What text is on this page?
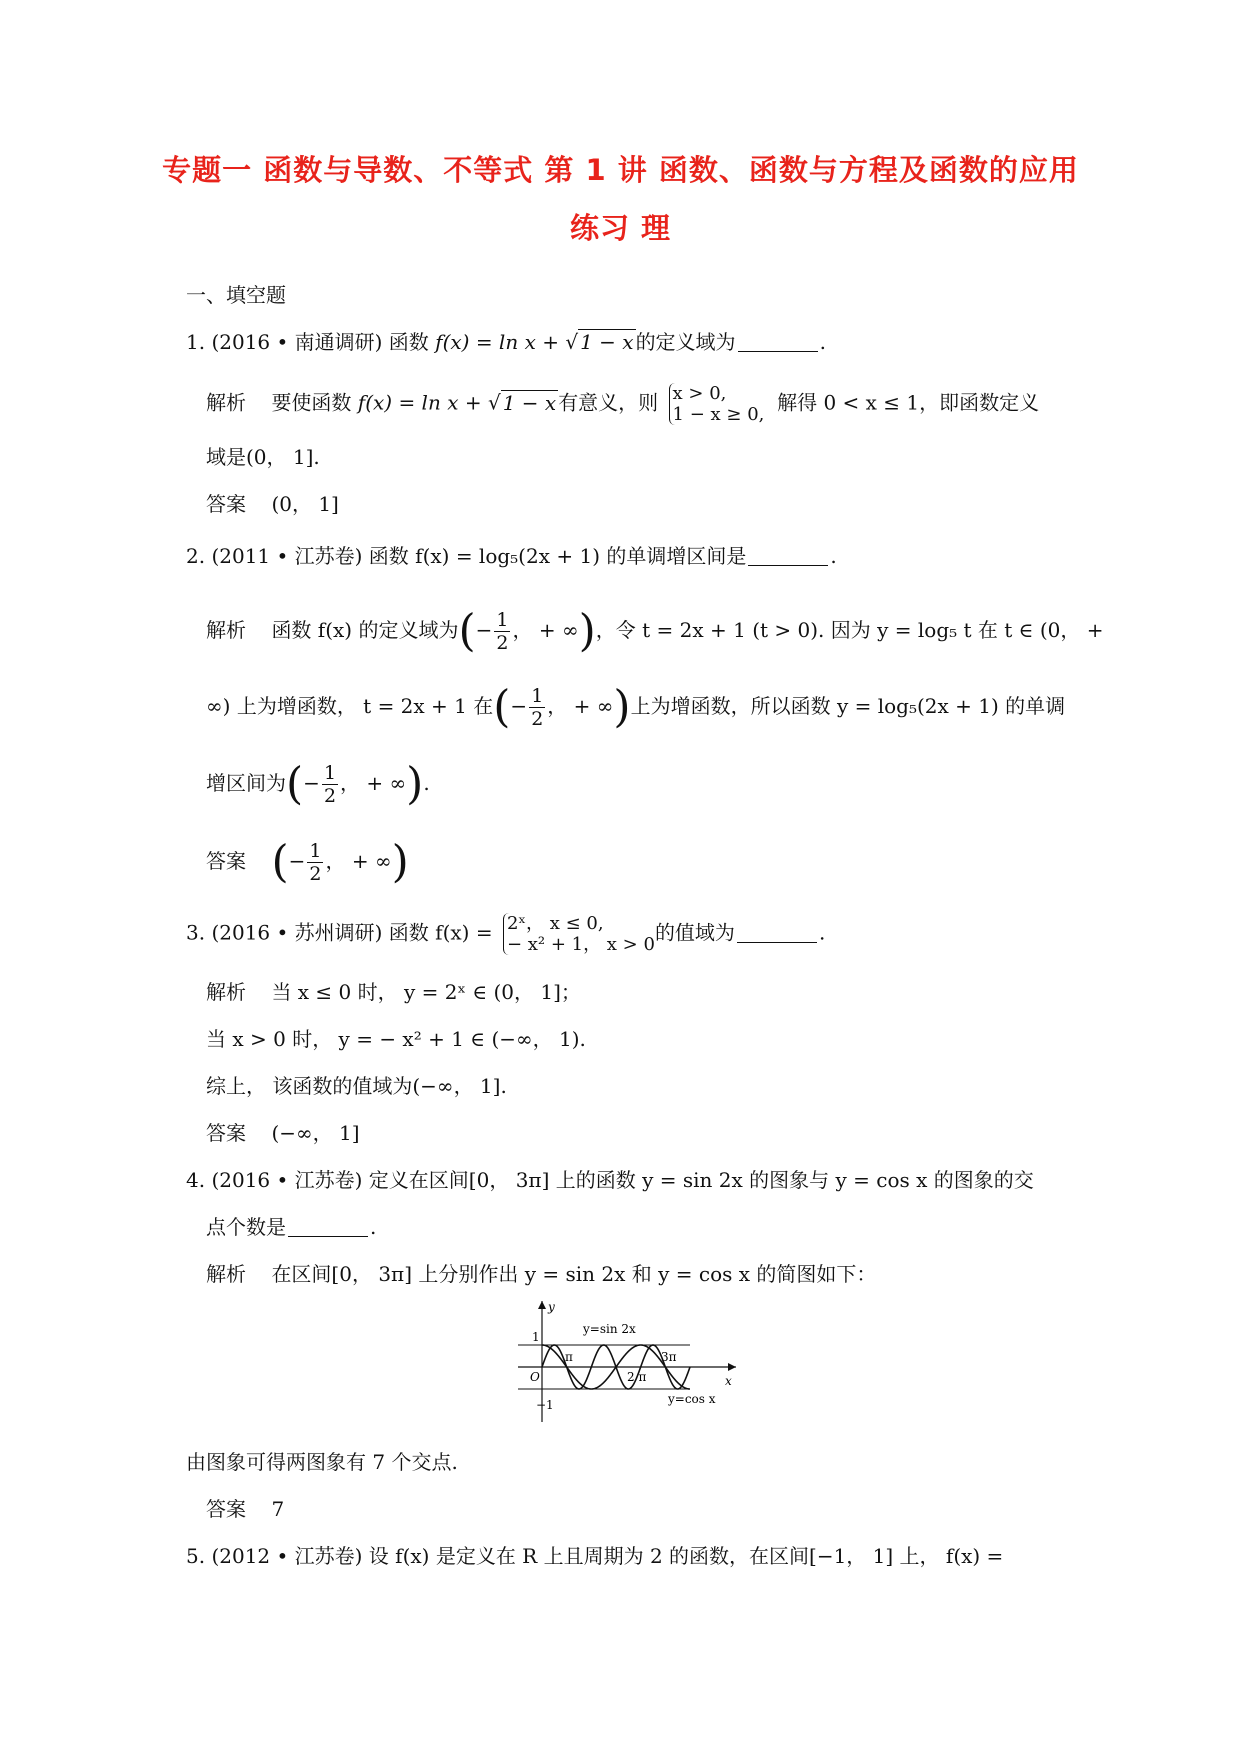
专题一 函数与导数、不等式 第 1 讲 函数、函数与方程及函数的应用
练习 理
一、填空题
1. (2016 • 南通调研) 函数 f(x) = ln x + √ 1 − x 的定义域为	.
解析 要使函数 f(x) = ln x + √ 1 − x 有意义，则 x > 0,
1 − x ≥ 0, 解得 0 < x ≤ 1，即函数定义
域是(0， 1].
答案 (0， 1]
2. (2011 • 江苏卷) 函数 f(x) = log₅(2x + 1) 的单调增区间是	.
解析 函数 f(x) 的定义域为(− $\frac{1}{2}$ ， + ∞)，令 t = 2x + 1 (t > 0). 因为 y = log₅ t 在 t ∈ (0， +
∞) 上为增函数， t = 2x + 1 在(− $\frac{1}{2}$ ， + ∞)上为增函数，所以函数 y = log₅(2x + 1) 的单调
增区间为(− $\frac{1}{2}$ ， + ∞).
答案 (− $\frac{1}{2}$ ， + ∞)
3. (2016 • 苏州调研) 函数 f(x) = 2ˣ， x ≤ 0,
− x² + 1， x > 0 的值域为	.
解析 当 x ≤ 0 时， y = 2ˣ ∈ (0， 1]；
当 x > 0 时， y = − x² + 1 ∈ (−∞， 1).
综上， 该函数的值域为(−∞， 1].
答案 (−∞， 1]
4. (2016 • 江苏卷) 定义在区间[0， 3π] 上的函数 y = sin 2x 的图象与 y = cos x 的图象的交
点个数是	.
解析 在区间[0， 3π] 上分别作出 y = sin 2x 和 y = cos x 的简图如下：
y
x
1
−1
O
π
2 π
3π
y=sin 2x
y=cos x
由图象可得两图象有 7 个交点.
答案 7
5. (2012 • 江苏卷) 设 f(x) 是定义在 R 上且周期为 2 的函数，在区间[−1， 1] 上， f(x) =
